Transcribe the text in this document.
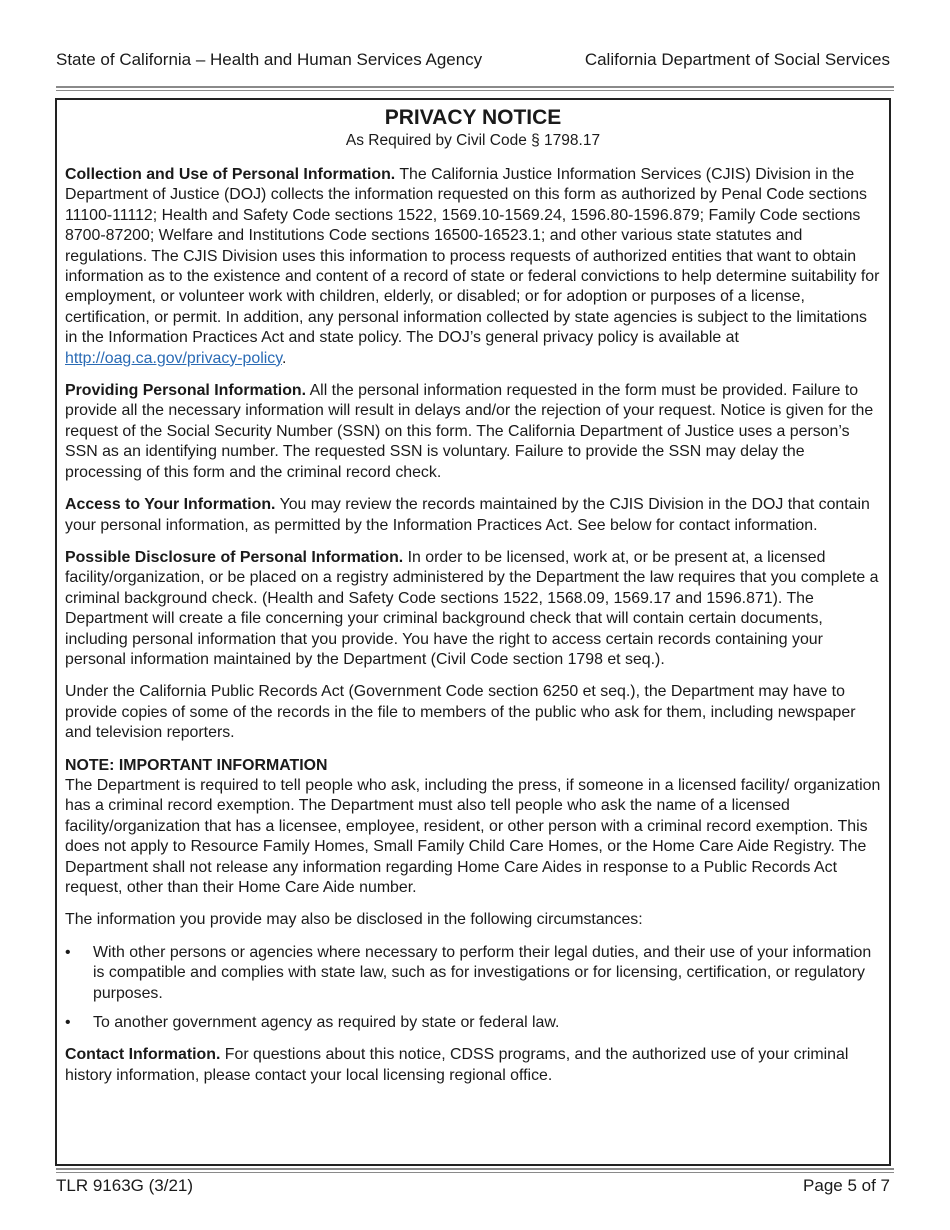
State of California – Health and Human Services Agency	California Department of Social Services
PRIVACY NOTICE
As Required by Civil Code § 1798.17

Collection and Use of Personal Information. The California Justice Information Services (CJIS) Division in the Department of Justice (DOJ) collects the information requested on this form as authorized by Penal Code sections 11100-11112; Health and Safety Code sections 1522, 1569.10-1569.24, 1596.80-1596.879; Family Code sections 8700-87200; Welfare and Institutions Code sections 16500-16523.1; and other various state statutes and regulations. The CJIS Division uses this information to process requests of authorized entities that want to obtain information as to the existence and content of a record of state or federal convictions to help determine suitability for employment, or volunteer work with children, elderly, or disabled; or for adoption or purposes of a license, certification, or permit. In addition, any personal information collected by state agencies is subject to the limitations in the Information Practices Act and state policy. The DOJ’s general privacy policy is available at http://oag.ca.gov/privacy-policy.

Providing Personal Information. All the personal information requested in the form must be provided. Failure to provide all the necessary information will result in delays and/or the rejection of your request. Notice is given for the request of the Social Security Number (SSN) on this form. The California Department of Justice uses a person’s SSN as an identifying number. The requested SSN is voluntary. Failure to provide the SSN may delay the processing of this form and the criminal record check.

Access to Your Information. You may review the records maintained by the CJIS Division in the DOJ that contain your personal information, as permitted by the Information Practices Act. See below for contact information.

Possible Disclosure of Personal Information. In order to be licensed, work at, or be present at, a licensed facility/organization, or be placed on a registry administered by the Department the law requires that you complete a criminal background check. (Health and Safety Code sections 1522, 1568.09, 1569.17 and 1596.871). The Department will create a file concerning your criminal background check that will contain certain documents, including personal information that you provide. You have the right to access certain records containing your personal information maintained by the Department (Civil Code section 1798 et seq.).

Under the California Public Records Act (Government Code section 6250 et seq.), the Department may have to provide copies of some of the records in the file to members of the public who ask for them, including newspaper and television reporters.

NOTE: IMPORTANT INFORMATION
The Department is required to tell people who ask, including the press, if someone in a licensed facility/ organization has a criminal record exemption. The Department must also tell people who ask the name of a licensed facility/organization that has a licensee, employee, resident, or other person with a criminal record exemption. This does not apply to Resource Family Homes, Small Family Child Care Homes, or the Home Care Aide Registry. The Department shall not release any information regarding Home Care Aides in response to a Public Records Act request, other than their Home Care Aide number.

The information you provide may also be disclosed in the following circumstances:

• With other persons or agencies where necessary to perform their legal duties, and their use of your information is compatible and complies with state law, such as for investigations or for licensing, certification, or regulatory purposes.
• To another government agency as required by state or federal law.

Contact Information. For questions about this notice, CDSS programs, and the authorized use of your criminal history information, please contact your local licensing regional office.

TLR 9163G (3/21)	Page 5 of 7
